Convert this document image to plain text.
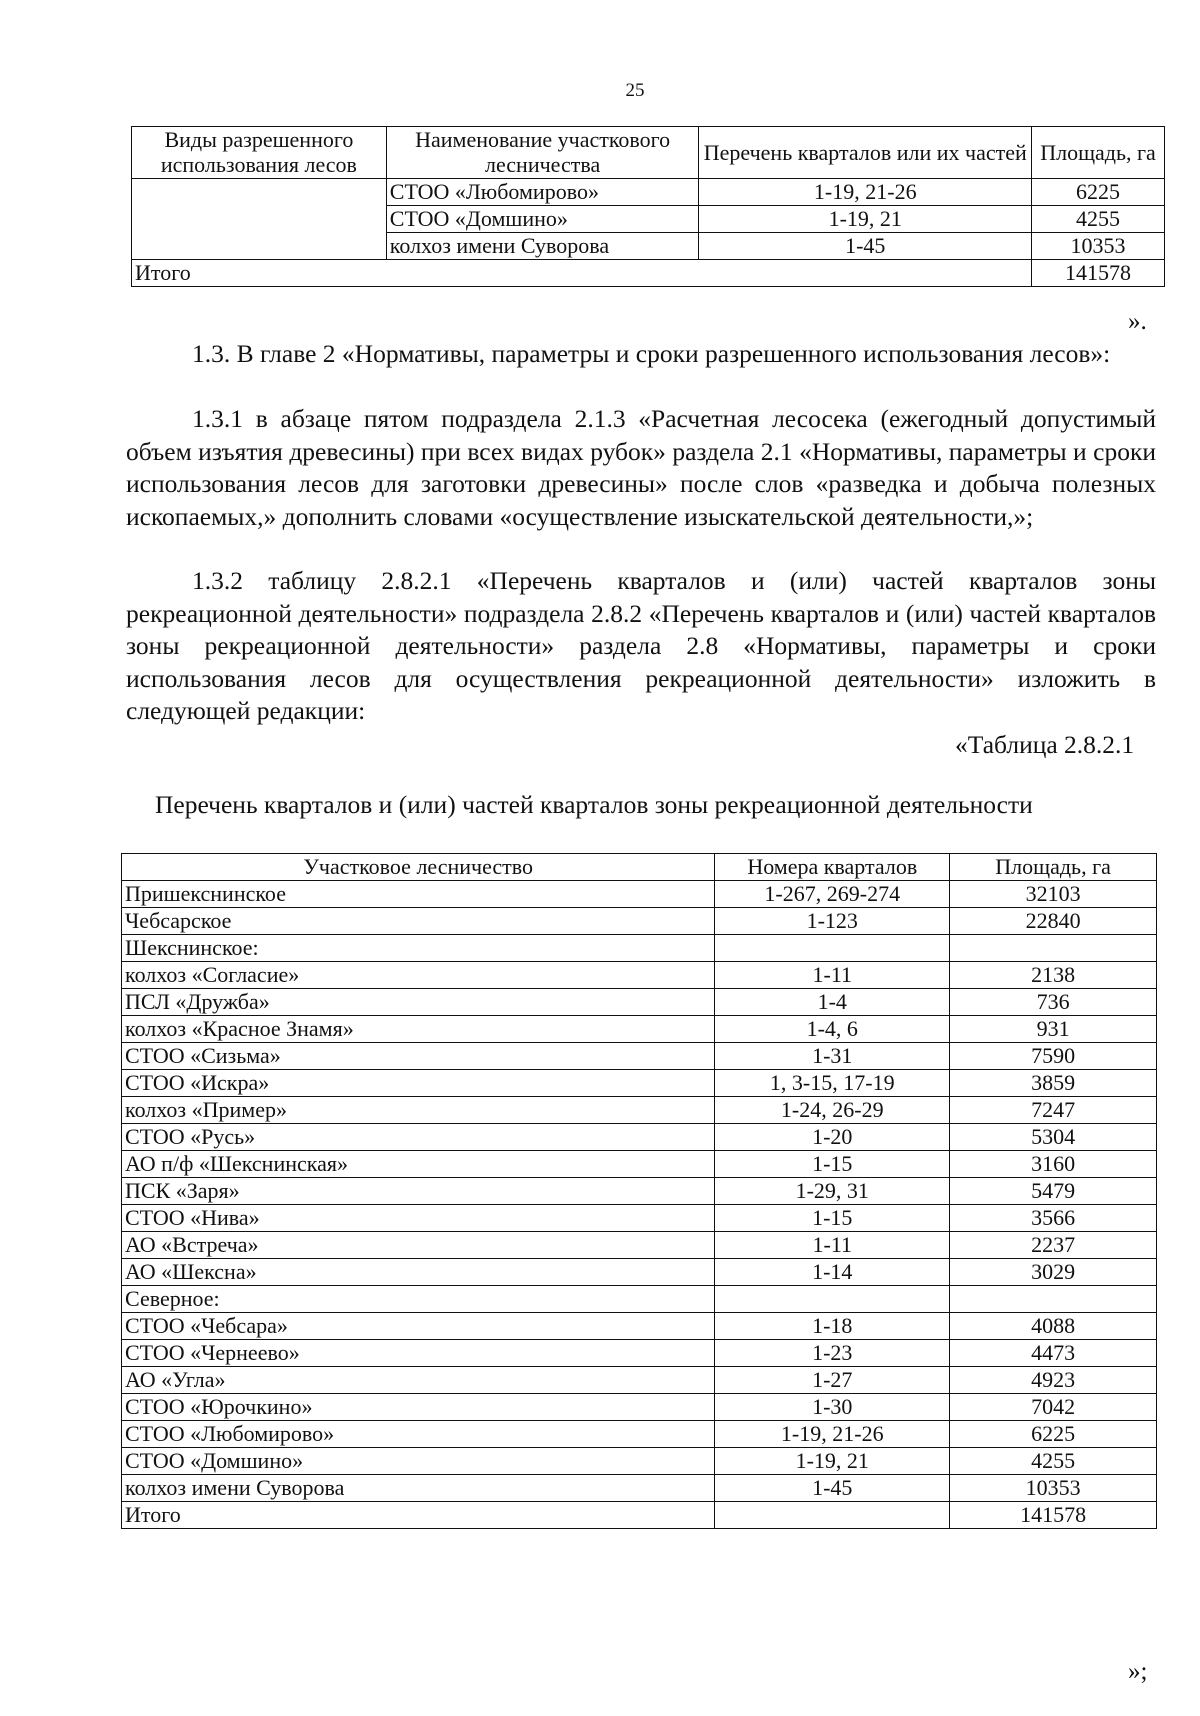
25
Виды разрешенного использования лесов	Наименование участкового лесничества	Перечень кварталов или их частей	Площадь, га
	СТОО «Любомирово»	1-19, 21-26	6225
	СТОО «Домшино»	1-19, 21	4255
	колхоз имени Суворова	1-45	10353
Итого			141578
».
1.3. В главе 2 «Нормативы, параметры и сроки разрешенного использования лесов»:
1.3.1 в абзаце пятом подраздела 2.1.3 «Расчетная лесосека (ежегодный допустимый объем изъятия древесины) при всех видах рубок» раздела 2.1 «Нормативы, параметры и сроки использования лесов для заготовки древесины» после слов «разведка и добыча полезных ископаемых,» дополнить словами «осуществление изыскательской деятельности,»;
1.3.2 таблицу 2.8.2.1 «Перечень кварталов и (или) частей кварталов зоны рекреационной деятельности» подраздела 2.8.2 «Перечень кварталов и (или) частей кварталов зоны рекреационной деятельности» раздела 2.8 «Нормативы, параметры и сроки использования лесов для осуществления рекреационной деятельности» изложить в следующей редакции:
«Таблица 2.8.2.1
Перечень кварталов и (или) частей кварталов зоны рекреационной деятельности
Участковое лесничество	Номера кварталов	Площадь, га
Пришекснинское	1-267, 269-274	32103
Чебсарское	1-123	22840
Шекснинское:		
колхоз «Согласие»	1-11	2138
ПСЛ «Дружба»	1-4	736
колхоз «Красное Знамя»	1-4, 6	931
СТОО «Сизьма»	1-31	7590
СТОО «Искра»	1, 3-15, 17-19	3859
колхоз «Пример»	1-24, 26-29	7247
СТОО «Русь»	1-20	5304
АО п/ф «Шекснинская»	1-15	3160
ПСК «Заря»	1-29, 31	5479
СТОО «Нива»	1-15	3566
АО «Встреча»	1-11	2237
АО «Шексна»	1-14	3029
Северное:		
СТОО «Чебсара»	1-18	4088
СТОО «Чернеево»	1-23	4473
АО «Угла»	1-27	4923
СТОО «Юрочкино»	1-30	7042
СТОО «Любомирово»	1-19, 21-26	6225
СТОО «Домшино»	1-19, 21	4255
колхоз имени Суворова	1-45	10353
Итого		141578
»;
